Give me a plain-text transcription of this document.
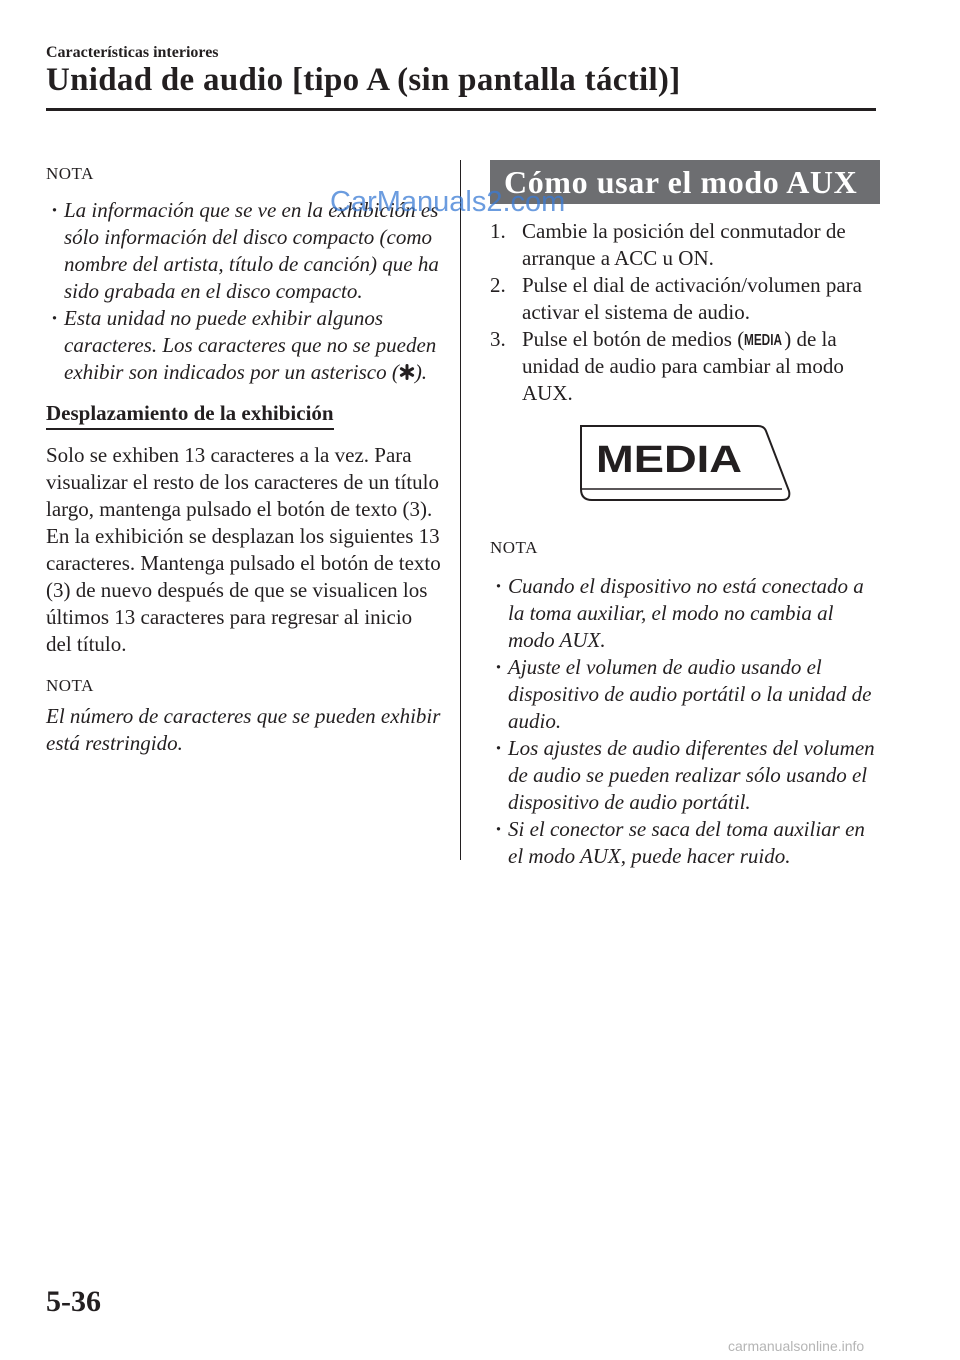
Características interiores
Unidad de audio [tipo A (sin pantalla táctil)]
NOTA
· La información que se ve en la exhibición es sólo información del disco compacto (como nombre del artista, título de canción) que ha sido grabada en el disco compacto.
· Esta unidad no puede exhibir algunos caracteres. Los caracteres que no se pueden exhibir son indicados por un asterisco ( ).
Desplazamiento de la exhibición

Solo se exhiben 13 caracteres a la vez. Para visualizar el resto de los caracteres de un título largo, mantenga pulsado el botón de texto (3). En la exhibición se desplazan los siguientes 13 caracteres. Mantenga pulsado el botón de texto (3) de nuevo después de que se visualicen los últimos 13 caracteres para regresar al inicio del título.

NOTA

El número de caracteres que se pueden exhibir está restringido.

Cómo usar el modo AUX
1. Cambie la posición del conmutador de arranque a ACC u ON.
2. Pulse el dial de activación/volumen para activar el sistema de audio.
3. Pulse el botón de medios ( MEDIA ) de la unidad de audio para cambiar al modo AUX.
MEDIA
NOTA
· Cuando el dispositivo no está conectado a la toma auxiliar, el modo no cambia al modo AUX.
· Ajuste el volumen de audio usando el dispositivo de audio portátil o la unidad de audio.
· Los ajustes de audio diferentes del volumen de audio se pueden realizar sólo usando el dispositivo de audio portátil.
· Si el conector se saca del toma auxiliar en el modo AUX, puede hacer ruido.
5-36
CarManuals2.com
carmanualsonline.info
